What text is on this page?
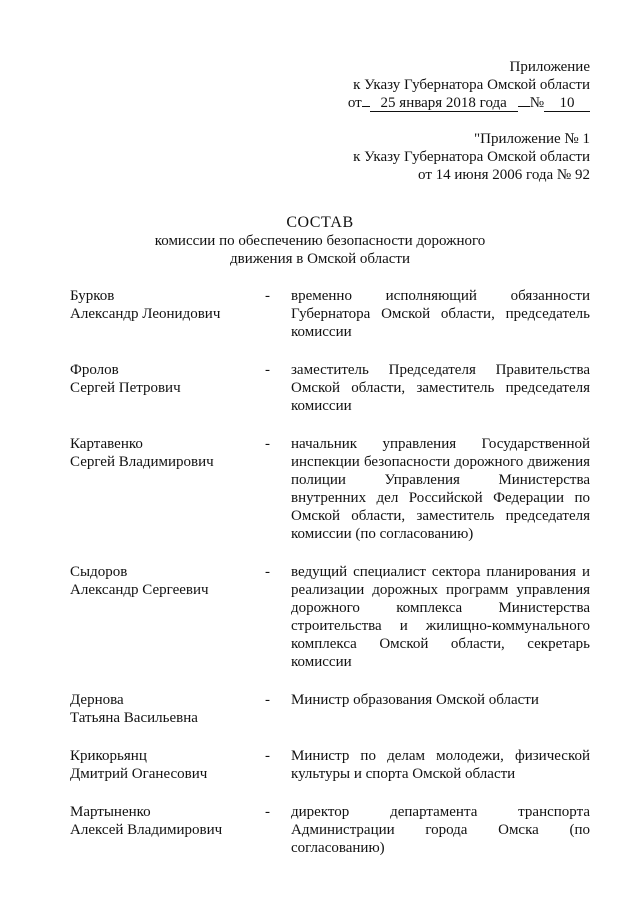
Приложение
к Указу Губернатора Омской области
от 25 января 2018 года № 10
"Приложение № 1
к Указу Губернатора Омской области
от 14 июня 2006 года № 92
СОСТАВ
комиссии по обеспечению безопасности дорожного
движения в Омской области
Бурков
Александр Леонидович
-	временно исполняющий обязанности Губернатора Омской области, председатель комиссии
Фролов
Сергей Петрович
-	заместитель Председателя Правительства Омской области, заместитель председателя комиссии
Картавенко
Сергей Владимирович
-	начальник управления Государственной инспекции безопасности дорожного движения полиции Управления Министерства внутренних дел Российской Федерации по Омской области, заместитель председателя комиссии (по согласованию)
Сыдоров
Александр Сергеевич
-	ведущий специалист сектора планирования и реализации дорожных программ управления дорожного комплекса Министерства строительства и жилищно-коммунального комплекса Омской области, секретарь комиссии
Дернова
Татьяна Васильевна
-	Министр образования Омской области
Крикорьянц
Дмитрий Оганесович
-	Министр по делам молодежи, физической культуры и спорта Омской области
Мартыненко
Алексей Владимирович
-	директор департамента транспорта Администрации города Омска (по согласованию)
